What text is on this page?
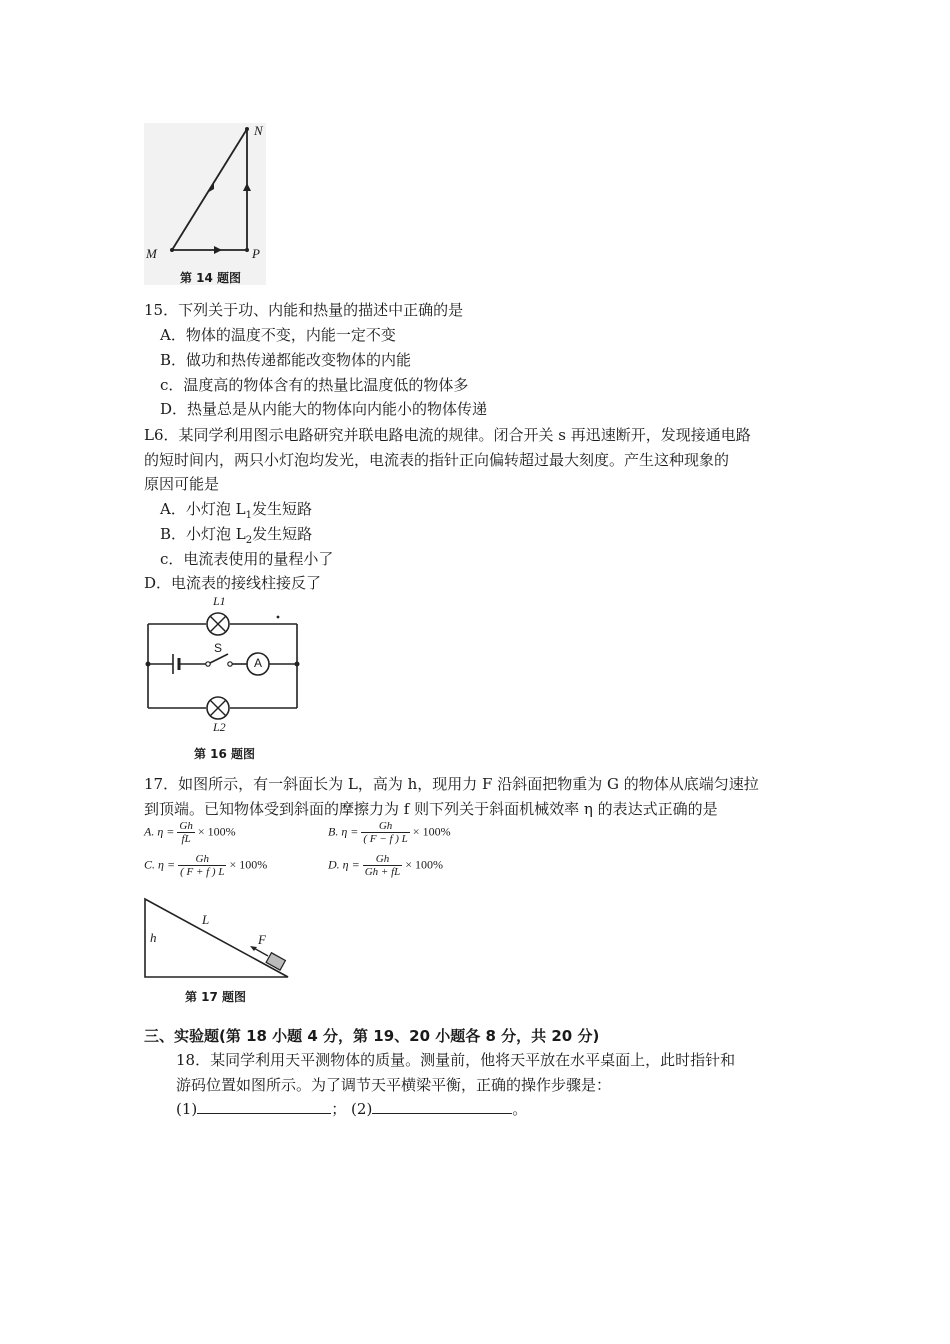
N
M	P
第 14 题图
15．下列关于功、内能和热量的描述中正确的是
A．物体的温度不变，内能一定不变
B．做功和热传递都能改变物体的内能
c．温度高的物体含有的热量比温度低的物体多
D．热量总是从内能大的物体向内能小的物体传递
L6．某同学利用图示电路研究并联电路电流的规律。闭合开关 s 再迅速断开，发现接通电路
的短时间内，两只小灯泡均发光，电流表的指针正向偏转超过最大刻度。产生这种现象的
原因可能是
A．小灯泡 $L_1$发生短路
B．小灯泡 $L_2$发生短路
c．电流表使用的量程小了
D．电流表的接线柱接反了
L1
S
A
L2
第 16 题图
17．如图所示，有一斜面长为 L，高为 h，现用力 F 沿斜面把物重为 G 的物体从底端匀速拉
到顶端。已知物体受到斜面的摩擦力为 f 则下列关于斜面机械效率 η 的表达式正确的是
A. $\eta = \frac{Gh}{fL} \times 100\%$	B. $\eta = \frac{Gh}{( F - f ) L} \times 100\%$
C. $\eta = \frac{Gh}{( F + f ) L} \times 100\%$	D. $\eta = \frac{Gh}{Gh + fL} \times 100\%$
h
L
F
第 17 题图
三、实验题(第 18 小题 4 分，第 19、20 小题各 8 分，共 20 分)
18．某同学利用天平测物体的质量。测量前，他将天平放在水平桌面上，此时指针和
游码位置如图所示。为了调节天平横梁平衡，正确的操作步骤是：
(1)	； (2)	。
